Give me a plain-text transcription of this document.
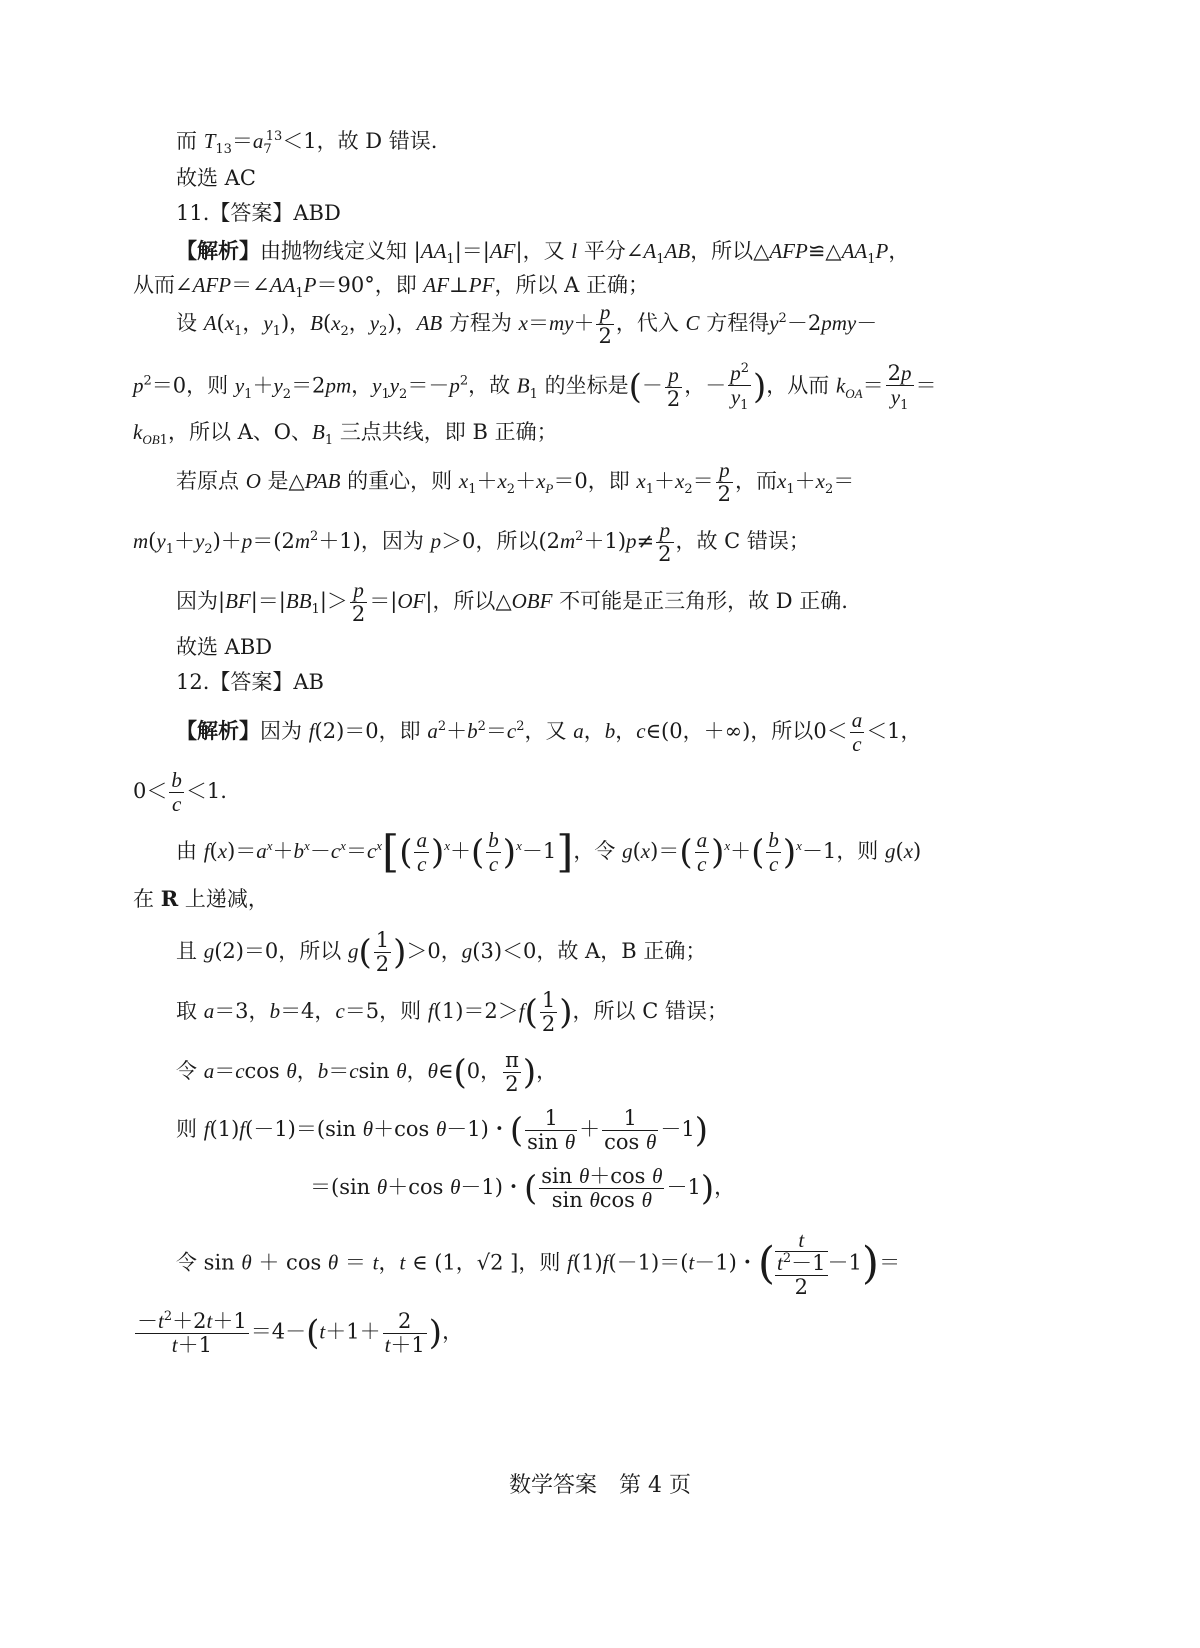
而 $T_{13}=a_7^{13}<1$，故 D 错误.
故选 AC
11.【答案】ABD
【解析】由抛物线定义知 $|AA_1|=|AF|$，又 l 平分$\angle A_1AB$，所以$\triangle AFP≌\triangle AA_1P$，
从而$\angle AFP=\angle AA_1P=90^\circ$，即 AF⊥PF，所以 A 正确；
设 $A(x_1$，$y_1$)，$B(x_2$，$y_2$)，AB 方程为 $x=my+ \frac{p}{2}$ ，代入 C 方程得$y^2-2pmy-$
$p^2=0$，则 $y_1+y_2=2pm$，$y_1y_2=-p^2$，故 $B_1$ 的坐标是(－ $\frac{p}{2}$ ，－ $\frac{p^2}{y_1}$ )，从而 $k_{OA}= \frac{2p}{y_1}$ ＝
$k_{OB1}$，所以 A、O、$B_1$ 三点共线，即 B 正确；
若原点 O 是△PAB 的重心，则 $x_1+x_2+x_P=0$，即 $x_1+x_2= \frac{p}{2}$ ，而$x_1+x_2=$
$m(y_1+y_2)+p=(2m^2+1)$，因为 p＞0，所以$(2m^2+1)p\ne \frac{p}{2}$ ，故 C 错误；
因为$|BF|=|BB_1|> \frac{p}{2} =|OF|$，所以△OBF 不可能是正三角形，故 D 正确.
故选 ABD
12.【答案】AB
【解析】因为 f(2)＝0，即 $a^2+b^2=c^2$，又 a，b，c∈(0，＋∞)，所以$0< \frac{a}{c} <1$，
$0< \frac{b}{c} <1$.
由 $f(x)=a^x+b^x-c^x=c^x[( \frac{a}{c} )^x+( \frac{b}{c} )^x-1]$，令 $g(x)=( \frac{a}{c} )^x+( \frac{b}{c} )^x-1$，则 g(x)
在 R 上递减，
且 g(2)＝0，所以 $g( \frac{1}{2} )>0$，g(3)＜0，故 A，B 正确；
取 a＝3，b＝4，c＝5，则 $f(1)=2>f( \frac{1}{2}$ )，所以 C 错误；
令 a＝ccos θ，b＝csin θ，θ∈(0， $\frac{\pi}{2}$ )，
则 f(1)f(－1)＝(sin θ＋cos θ－1)・( $\frac{1}{\text{sin θ}} + \frac{1}{\text{cos θ}} -1$)
＝(sin θ＋cos θ－1)・( $\frac{\text{sin θ＋cos θ}}{\text{sin θcos θ}} -1$)，
令 sin θ ＋ cos θ ＝ t，t ∈ (1，√2 ]，则 f(1)f(－1)＝(t－1)・( $\frac{t}{\frac{t^2-1}{2}} -1)=$
$\frac{-t^2+2t+1}{t+1} =4-(t+1+ \frac{2}{t+1}$ )，
数学答案　第 4 页
